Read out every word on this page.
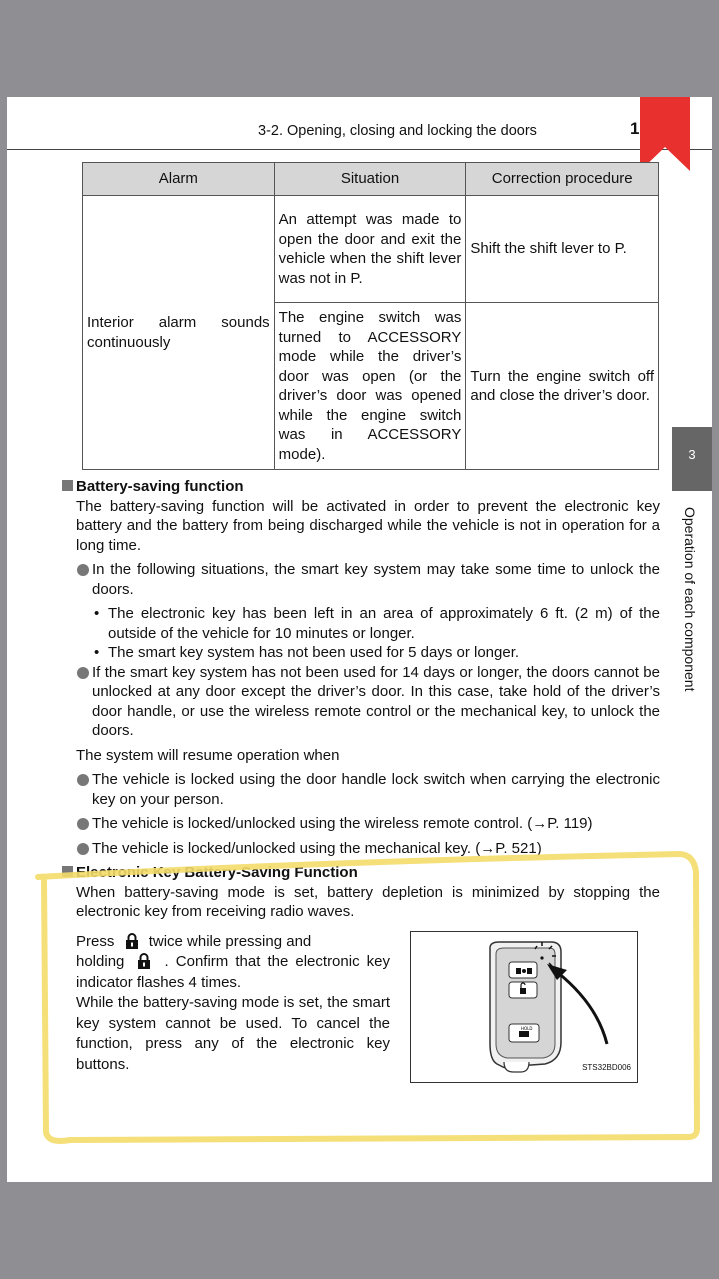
3-2. Opening, closing and locking the doors	1
3
Operation of each component
Alarm	Situation	Correction procedure
Interior alarm sounds continuously	An attempt was made to open the door and exit the vehicle when the shift lever was not in P.	Shift the shift lever to P.
	The engine switch was turned to ACCESSORY mode while the driver’s door was open (or the driver’s door was opened while the engine switch was in ACCESSORY mode).	Turn the engine switch off and close the driver’s door.

Battery-saving function

The battery-saving function will be activated in order to prevent the electronic key battery and the battery from being discharged while the vehicle is not in operation for a long time.

In the following situations, the smart key system may take some time to unlock the doors.

• The electronic key has been left in an area of approximately 6 ft. (2 m) of the outside of the vehicle for 10 minutes or longer.

• The smart key system has not been used for 5 days or longer.

If the smart key system has not been used for 14 days or longer, the doors cannot be unlocked at any door except the driver’s door. In this case, take hold of the driver’s door handle, or use the wireless remote control or the mechanical key, to unlock the doors.

The system will resume operation when

The vehicle is locked using the door handle lock switch when carrying the electronic key on your person.

The vehicle is locked/unlocked using the wireless remote control. (→P. 119)

The vehicle is locked/unlocked using the mechanical key. (→P. 521)

Electronic Key Battery-Saving Function

When battery-saving mode is set, battery depletion is minimized by stopping the electronic key from receiving radio waves.

Press twice while pressing and
holding	. Confirm that the electronic key indicator flashes 4 times.
While the battery-saving mode is set, the smart key system cannot be used. To cancel the function, press any of the electronic key buttons.
HOLD
STS32BD006
